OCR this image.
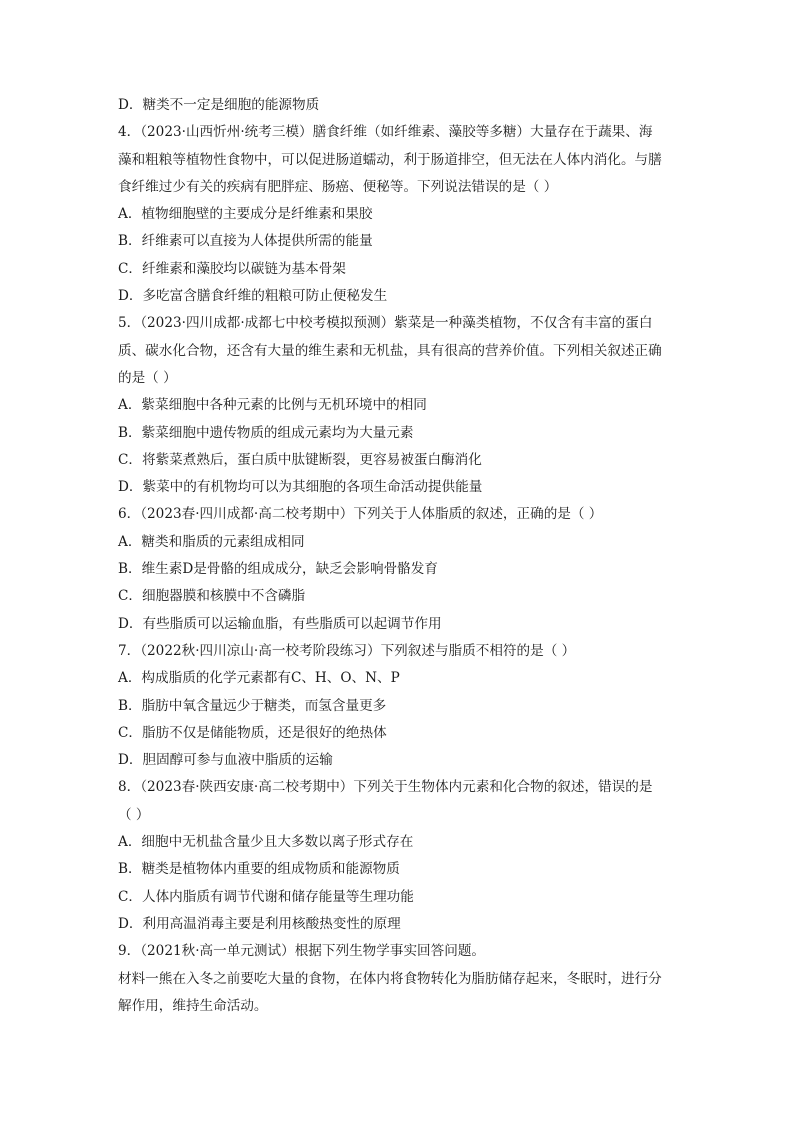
D．糖类不一定是细胞的能源物质
4．（2023·山西忻州·统考三模）膳食纤维（如纤维素、藻胶等多糖）大量存在于蔬果、海
藻和粗粮等植物性食物中，可以促进肠道蠕动，利于肠道排空，但无法在人体内消化。与膳
食纤维过少有关的疾病有肥胖症、肠癌、便秘等。下列说法错误的是（ ）
A．植物细胞壁的主要成分是纤维素和果胶
B．纤维素可以直接为人体提供所需的能量
C．纤维素和藻胶均以碳链为基本骨架
D．多吃富含膳食纤维的粗粮可防止便秘发生
5．（2023·四川成都·成都七中校考模拟预测）紫菜是一种藻类植物，不仅含有丰富的蛋白
质、碳水化合物，还含有大量的维生素和无机盐，具有很高的营养价值。下列相关叙述正确
的是（ ）
A．紫菜细胞中各种元素的比例与无机环境中的相同
B．紫菜细胞中遗传物质的组成元素均为大量元素
C．将紫菜煮熟后，蛋白质中肽键断裂，更容易被蛋白酶消化
D．紫菜中的有机物均可以为其细胞的各项生命活动提供能量
6．（2023春·四川成都·高二校考期中）下列关于人体脂质的叙述，正确的是（ ）
A．糖类和脂质的元素组成相同
B．维生素D是骨骼的组成成分，缺乏会影响骨骼发育
C．细胞器膜和核膜中不含磷脂
D．有些脂质可以运输血脂，有些脂质可以起调节作用
7．（2022秋·四川凉山·高一校考阶段练习）下列叙述与脂质不相符的是（ ）
A．构成脂质的化学元素都有C、H、O、N、P
B．脂肪中氧含量远少于糖类，而氢含量更多
C．脂肪不仅是储能物质，还是很好的绝热体
D．胆固醇可参与血液中脂质的运输
8．（2023春·陕西安康·高二校考期中）下列关于生物体内元素和化合物的叙述，错误的是
（ ）
A．细胞中无机盐含量少且大多数以离子形式存在
B．糖类是植物体内重要的组成物质和能源物质
C．人体内脂质有调节代谢和储存能量等生理功能
D．利用高温消毒主要是利用核酸热变性的原理
9．（2021秋·高一单元测试）根据下列生物学事实回答问题。
材料一熊在入冬之前要吃大量的食物，在体内将食物转化为脂肪储存起来，冬眠时，进行分
解作用，维持生命活动。
